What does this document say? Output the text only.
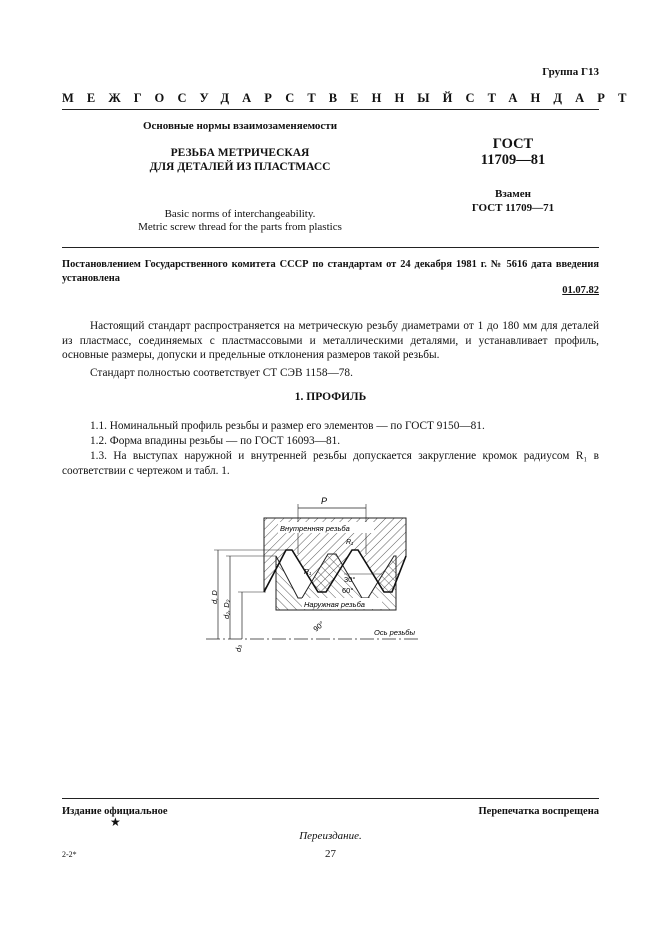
Группа Г13
МЕЖГОСУДАРСТВЕННЫЙ СТАНДАРТ
Основные нормы взаимозаменяемости
РЕЗЬБА МЕТРИЧЕСКАЯ
ДЛЯ ДЕТАЛЕЙ ИЗ ПЛАСТМАСС
Basic norms of interchangeability.
Metric screw thread for the parts from plastics
ГОСТ
11709—81
Взамен
ГОСТ 11709—71
Постановлением Государственного комитета СССР по стандартам от 24 декабря 1981 г. № 5616 дата введения установлена
01.07.82
Настоящий стандарт распространяется на метрическую резьбу диаметрами от 1 до 180 мм для деталей из пластмасс, соединяемых с пластмассовыми и металлическими деталями, и устанавливает профиль, основные размеры, допуски и предельные отклонения размеров такой резьбы.
Стандарт полностью соответствует СТ СЭВ 1158—78.
1. ПРОФИЛЬ
1.1. Номинальный профиль резьбы и размер его элементов — по ГОСТ 9150—81.
1.2. Форма впадины резьбы — по ГОСТ 16093—81.
1.3. На выступах наружной и внутренней резьбы допускается закругление кромок радиусом R₁ в соответствии с чертежом и табл. 1.
P
Внутренняя резьба
Наружная резьба
Ось резьбы
30°
60°
90°
R₁
R₁
d, D
d₂, D₂
d₃
Издание официальное
★
Перепечатка воспрещена
Переиздание.
27
2-2*
